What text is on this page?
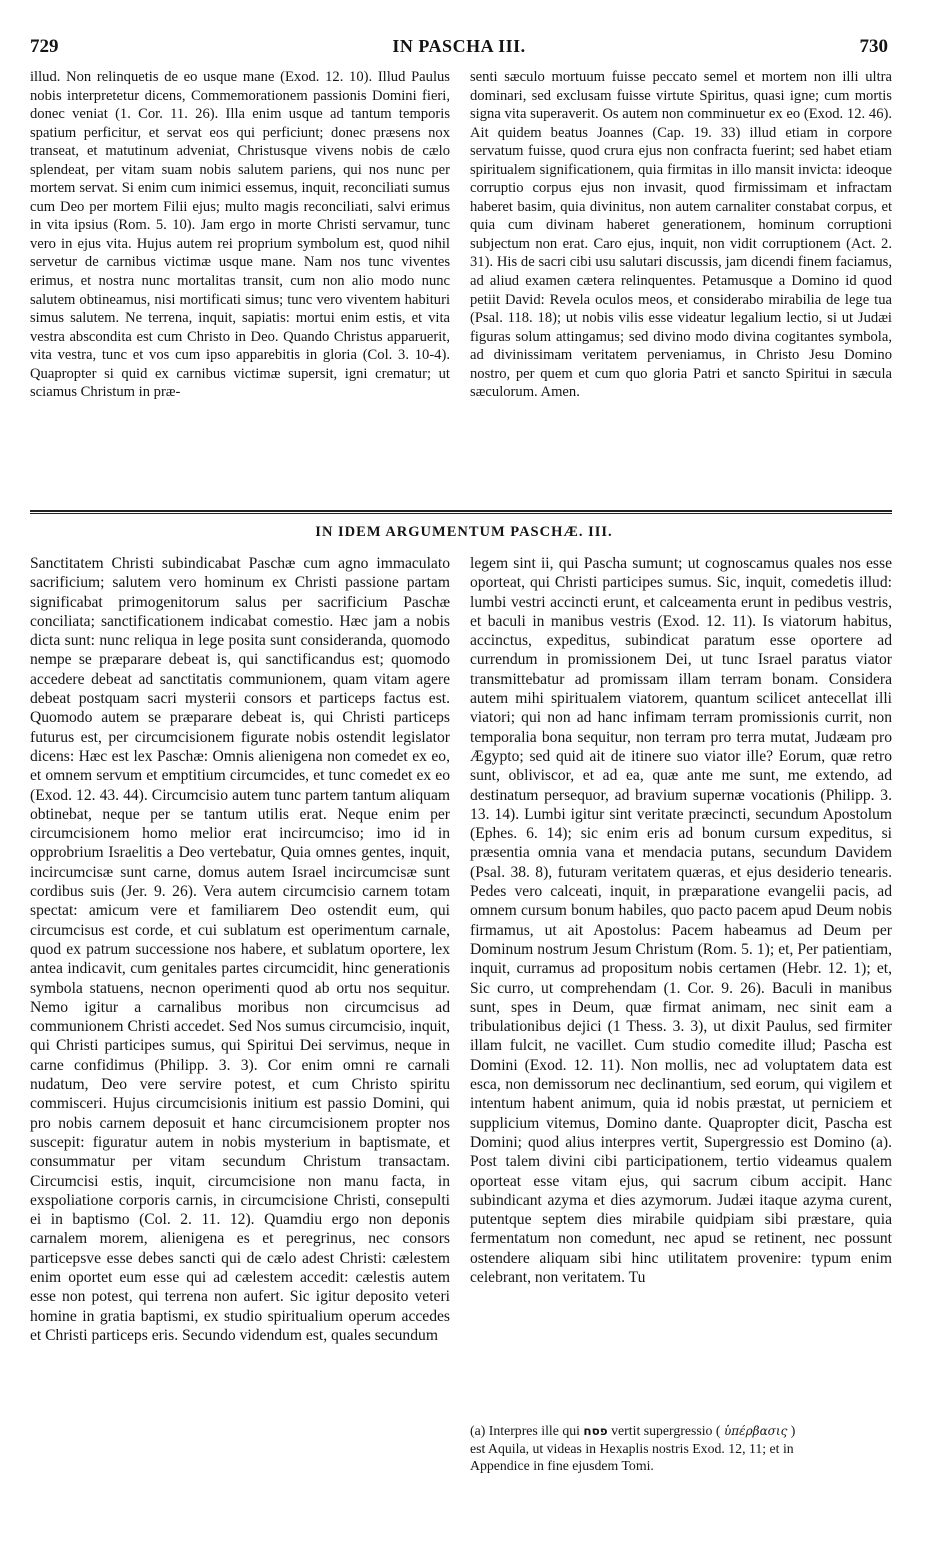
729	IN PASCHA III.	730

illud. Non relinquetis de eo usque mane (Exod. 12. 10). Illud Paulus nobis interpretetur dicens, Commemorationem passionis Domini fieri, donec veniat (1. Cor. 11. 26). Illa enim usque ad tantum temporis spatium perficitur, et servat eos qui perficiunt; donec præsens nox transeat, et matutinum adveniat, Christusque vivens nobis de cælo splendeat, per vitam suam nobis salutem pariens, qui nos nunc per mortem servat. Si enim cum inimici essemus, inquit, reconciliati sumus cum Deo per mortem Filii ejus; multo magis reconciliati, salvi erimus in vita ipsius (Rom. 5. 10). Jam ergo in morte Christi servamur, tunc vero in ejus vita. Hujus autem rei proprium symbolum est, quod nihil servetur de carnibus victimæ usque mane. Nam nos tunc viventes erimus, et nostra nunc mortalitas transit, cum non alio modo nunc salutem obtineamus, nisi mortificati simus; tunc vero viventem habituri simus salutem. Ne terrena, inquit, sapiatis: mortui enim estis, et vita vestra abscondita est cum Christo in Deo. Quando Christus apparuerit, vita vestra, tunc et vos cum ipso apparebitis in gloria (Col. 3. 10-4). Quapropter si quid ex carnibus victimæ supersit, igni crematur; ut sciamus Christum in præ-

senti sæculo mortuum fuisse peccato semel et mortem non illi ultra dominari, sed exclusam fuisse virtute Spiritus, quasi igne; cum mortis signa vita superaverit. Os autem non comminuetur ex eo (Exod. 12. 46). Ait quidem beatus Joannes (Cap. 19. 33) illud etiam in corpore servatum fuisse, quod crura ejus non confracta fuerint; sed habet etiam spiritualem significationem, quia firmitas in illo mansit invicta: ideoque corruptio corpus ejus non invasit, quod firmissimam et infractam haberet basim, quia divinitus, non autem carnaliter constabat corpus, et quia cum divinam haberet generationem, hominum corruptioni subjectum non erat. Caro ejus, inquit, non vidit corruptionem (Act. 2. 31). His de sacri cibi usu salutari discussis, jam dicendi finem faciamus, ad aliud examen cætera relinquentes. Petamusque a Domino id quod petiit David: Revela oculos meos, et considerabo mirabilia de lege tua (Psal. 118. 18); ut nobis vilis esse videatur legalium lectio, si ut Judæi figuras solum attingamus; sed divino modo divina cogitantes symbola, ad divinissimam veritatem perveniamus, in Christo Jesu Domino nostro, per quem et cum quo gloria Patri et sancto Spiritui in sæcula sæculorum. Amen.

IN IDEM ARGUMENTUM PASCHÆ. III.

Sanctitatem Christi subindicabat Paschæ cum agno immaculato sacrificium; salutem vero hominum ex Christi passione partam significabat primogenitorum salus per sacrificium Paschæ conciliata; sanctificationem indicabat comestio. Hæc jam a nobis dicta sunt: nunc reliqua in lege posita sunt consideranda, quomodo nempe se præparare debeat is, qui sanctificandus est; quomodo accedere debeat ad sanctitatis communionem, quam vitam agere debeat postquam sacri mysterii consors et particeps factus est. Quomodo autem se præparare debeat is, qui Christi particeps futurus est, per circumcisionem figurate nobis ostendit legislator dicens: Hæc est lex Paschæ: Omnis alienigena non comedet ex eo, et omnem servum et emptitium circumcides, et tunc comedet ex eo (Exod. 12. 43. 44). Circumcisio autem tunc partem tantum aliquam obtinebat, neque per se tantum utilis erat. Neque enim per circumcisionem homo melior erat incircumciso; imo id in opprobrium Israelitis a Deo vertebatur, Quia omnes gentes, inquit, incircumcisæ sunt carne, domus autem Israel incircumcisæ sunt cordibus suis (Jer. 9. 26). Vera autem circumcisio carnem totam spectat: amicum vere et familiarem Deo ostendit eum, qui circumcisus est corde, et cui sublatum est operimentum carnale, quod ex patrum successione nos habere, et sublatum oportere, lex antea indicavit, cum genitales partes circumcidit, hinc generationis symbola statuens, necnon operimenti quod ab ortu nos sequitur. Nemo igitur a carnalibus moribus non circumcisus ad communionem Christi accedet. Sed Nos sumus circumcisio, inquit, qui Christi participes sumus, qui Spiritui Dei servimus, neque in carne confidimus (Philipp. 3. 3). Cor enim omni re carnali nudatum, Deo vere servire potest, et cum Christo spiritu commisceri. Hujus circumcisionis initium est passio Domini, qui pro nobis carnem deposuit et hanc circumcisionem propter nos suscepit: figuratur autem in nobis mysterium in baptismate, et consummatur per vitam secundum Christum transactam. Circumcisi estis, inquit, circumcisione non manu facta, in exspoliatione corporis carnis, in circumcisione Christi, consepulti ei in baptismo (Col. 2. 11. 12). Quamdiu ergo non deponis carnalem morem, alienigena es et peregrinus, nec consors particepsve esse debes sancti qui de cælo adest Christi: cælestem enim oportet eum esse qui ad cælestem accedit: cælestis autem esse non potest, qui terrena non aufert. Sic igitur deposito veteri homine in gratia baptismi, ex studio spiritualium operum accedes et Christi particeps eris. Secundo videndum est, quales secundum

legem sint ii, qui Pascha sumunt; ut cognoscamus quales nos esse oporteat, qui Christi participes sumus. Sic, inquit, comedetis illud: lumbi vestri accincti erunt, et calceamenta erunt in pedibus vestris, et baculi in manibus vestris (Exod. 12. 11). Is viatorum habitus, accinctus, expeditus, subindicat paratum esse oportere ad currendum in promissionem Dei, ut tunc Israel paratus viator transmittebatur ad promissam illam terram bonam. Considera autem mihi spiritualem viatorem, quantum scilicet antecellat illi viatori; qui non ad hanc infimam terram promissionis currit, non temporalia bona sequitur, non terram pro terra mutat, Judæam pro Ægypto; sed quid ait de itinere suo viator ille? Eorum, quæ retro sunt, obliviscor, et ad ea, quæ ante me sunt, me extendo, ad destinatum persequor, ad bravium supernæ vocationis (Philipp. 3. 13. 14). Lumbi igitur sint veritate præcincti, secundum Apostolum (Ephes. 6. 14); sic enim eris ad bonum cursum expeditus, si præsentia omnia vana et mendacia putans, secundum Davidem (Psal. 38. 8), futuram veritatem quæras, et ejus desiderio tenearis. Pedes vero calceati, inquit, in præparatione evangelii pacis, ad omnem cursum bonum habiles, quo pacto pacem apud Deum nobis firmamus, ut ait Apostolus: Pacem habeamus ad Deum per Dominum nostrum Jesum Christum (Rom. 5. 1); et, Per patientiam, inquit, curramus ad propositum nobis certamen (Hebr. 12. 1); et, Sic curro, ut comprehendam (1. Cor. 9. 26). Baculi in manibus sunt, spes in Deum, quæ firmat animam, nec sinit eam a tribulationibus dejici (1 Thess. 3. 3), ut dixit Paulus, sed firmiter illam fulcit, ne vacillet. Cum studio comedite illud; Pascha est Domini (Exod. 12. 11). Non mollis, nec ad voluptatem data est esca, non demissorum nec declinantium, sed eorum, qui vigilem et intentum habent animum, quia id nobis præstat, ut perniciem et supplicium vitemus, Domino dante. Quapropter dicit, Pascha est Domini; quod alius interpres vertit, Supergressio est Domino (a). Post talem divini cibi participationem, tertio videamus qualem oporteat esse vitam ejus, qui sacrum cibum accipit. Hanc subindicant azyma et dies azymorum. Judæi itaque azyma curent, putentque septem dies mirabile quidpiam sibi præstare, quia fermentatum non comedunt, nec apud se retinent, nec possunt ostendere aliquam sibi hinc utilitatem provenire: typum enim celebrant, non veritatem. Tu

(a) Interpres ille qui פסח vertit supergressio ( ὑπέρβασις )
est Aquila, ut videas in Hexaplis nostris Exod. 12, 11; et in
Appendice in fine ejusdem Tomi.
